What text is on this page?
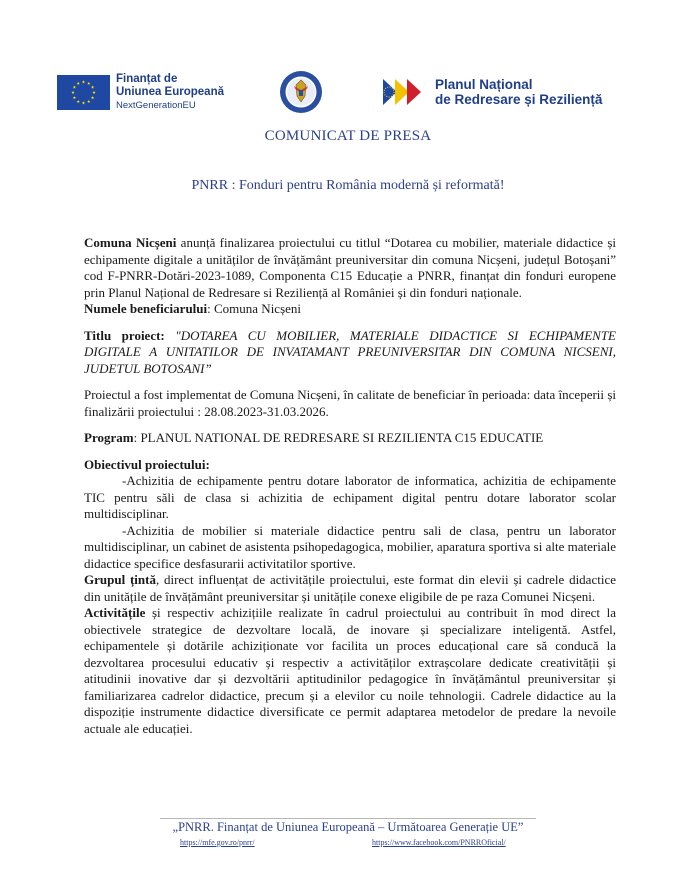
Finanțat de
Uniunea Europeană
NextGenerationEU
Planul Național
de Redresare și Reziliență
COMUNICAT DE PRESA
PNRR : Fonduri pentru România modernă și reformată!

Comuna Nicșeni anunță finalizarea proiectului cu titlul “Dotarea cu mobilier, materiale didactice și echipamente digitale a unităților de învățământ preuniversitar din comuna Nicșeni, județul Botoșani” cod F-PNRR-Dotări-2023-1089, Componenta C15 Educație a PNRR, finanțat din fonduri europene prin Planul Național de Redresare si Reziliență al României și din fonduri naționale.

Numele beneficiarului: Comuna Nicșeni

Titlu proiect: "DOTAREA CU MOBILIER, MATERIALE DIDACTICE SI ECHIPAMENTE DIGITALE A UNITATILOR DE INVATAMANT PREUNIVERSITAR DIN COMUNA NICSENI, JUDETUL BOTOSANI”

Proiectul a fost implementat de Comuna Nicșeni, în calitate de beneficiar în perioada: data începerii și finalizării proiectului : 28.08.2023-31.03.2026.

Program: PLANUL NATIONAL DE REDRESARE SI REZILIENTA C15 EDUCATIE

Obiectivul proiectului:

-Achizitia de echipamente pentru dotare laborator de informatica, achizitia de echipamente TIC pentru săli de clasa si achizitia de echipament digital pentru dotare laborator scolar multidisciplinar.

-Achizitia de mobilier si materiale didactice pentru sali de clasa, pentru un laborator multidisciplinar, un cabinet de asistenta psihopedagogica, mobilier, aparatura sportiva si alte materiale didactice specifice desfasurarii activitatilor sportive.

Grupul țintă, direct influențat de activitățile proiectului, este format din elevii și cadrele didactice din unitățile de învățământ preuniversitar și unitățile conexe eligibile de pe raza Comunei Nicșeni.

Activitățile și respectiv achizițiile realizate în cadrul proiectului au contribuit în mod direct la obiectivele strategice de dezvoltare locală, de inovare și specializare inteligentă. Astfel, echipamentele și dotările achiziționate vor facilita un proces educațional care să conducă la dezvoltarea procesului educativ și respectiv a activităților extrașcolare dedicate creativității și atitudinii inovative dar și dezvoltării aptitudinilor pedagogice în învățământul preuniversitar și familiarizarea cadrelor didactice, precum și a elevilor cu noile tehnologii. Cadrele didactice au la dispoziție instrumente didactice diversificate ce permit adaptarea metodelor de predare la nevoile actuale ale educației.

„PNRR. Finanțat de Uniunea Europeană – Următoarea Generație UE”
https://mfe.gov.ro/pnrr/	https://www.facebook.com/PNRROficial/
